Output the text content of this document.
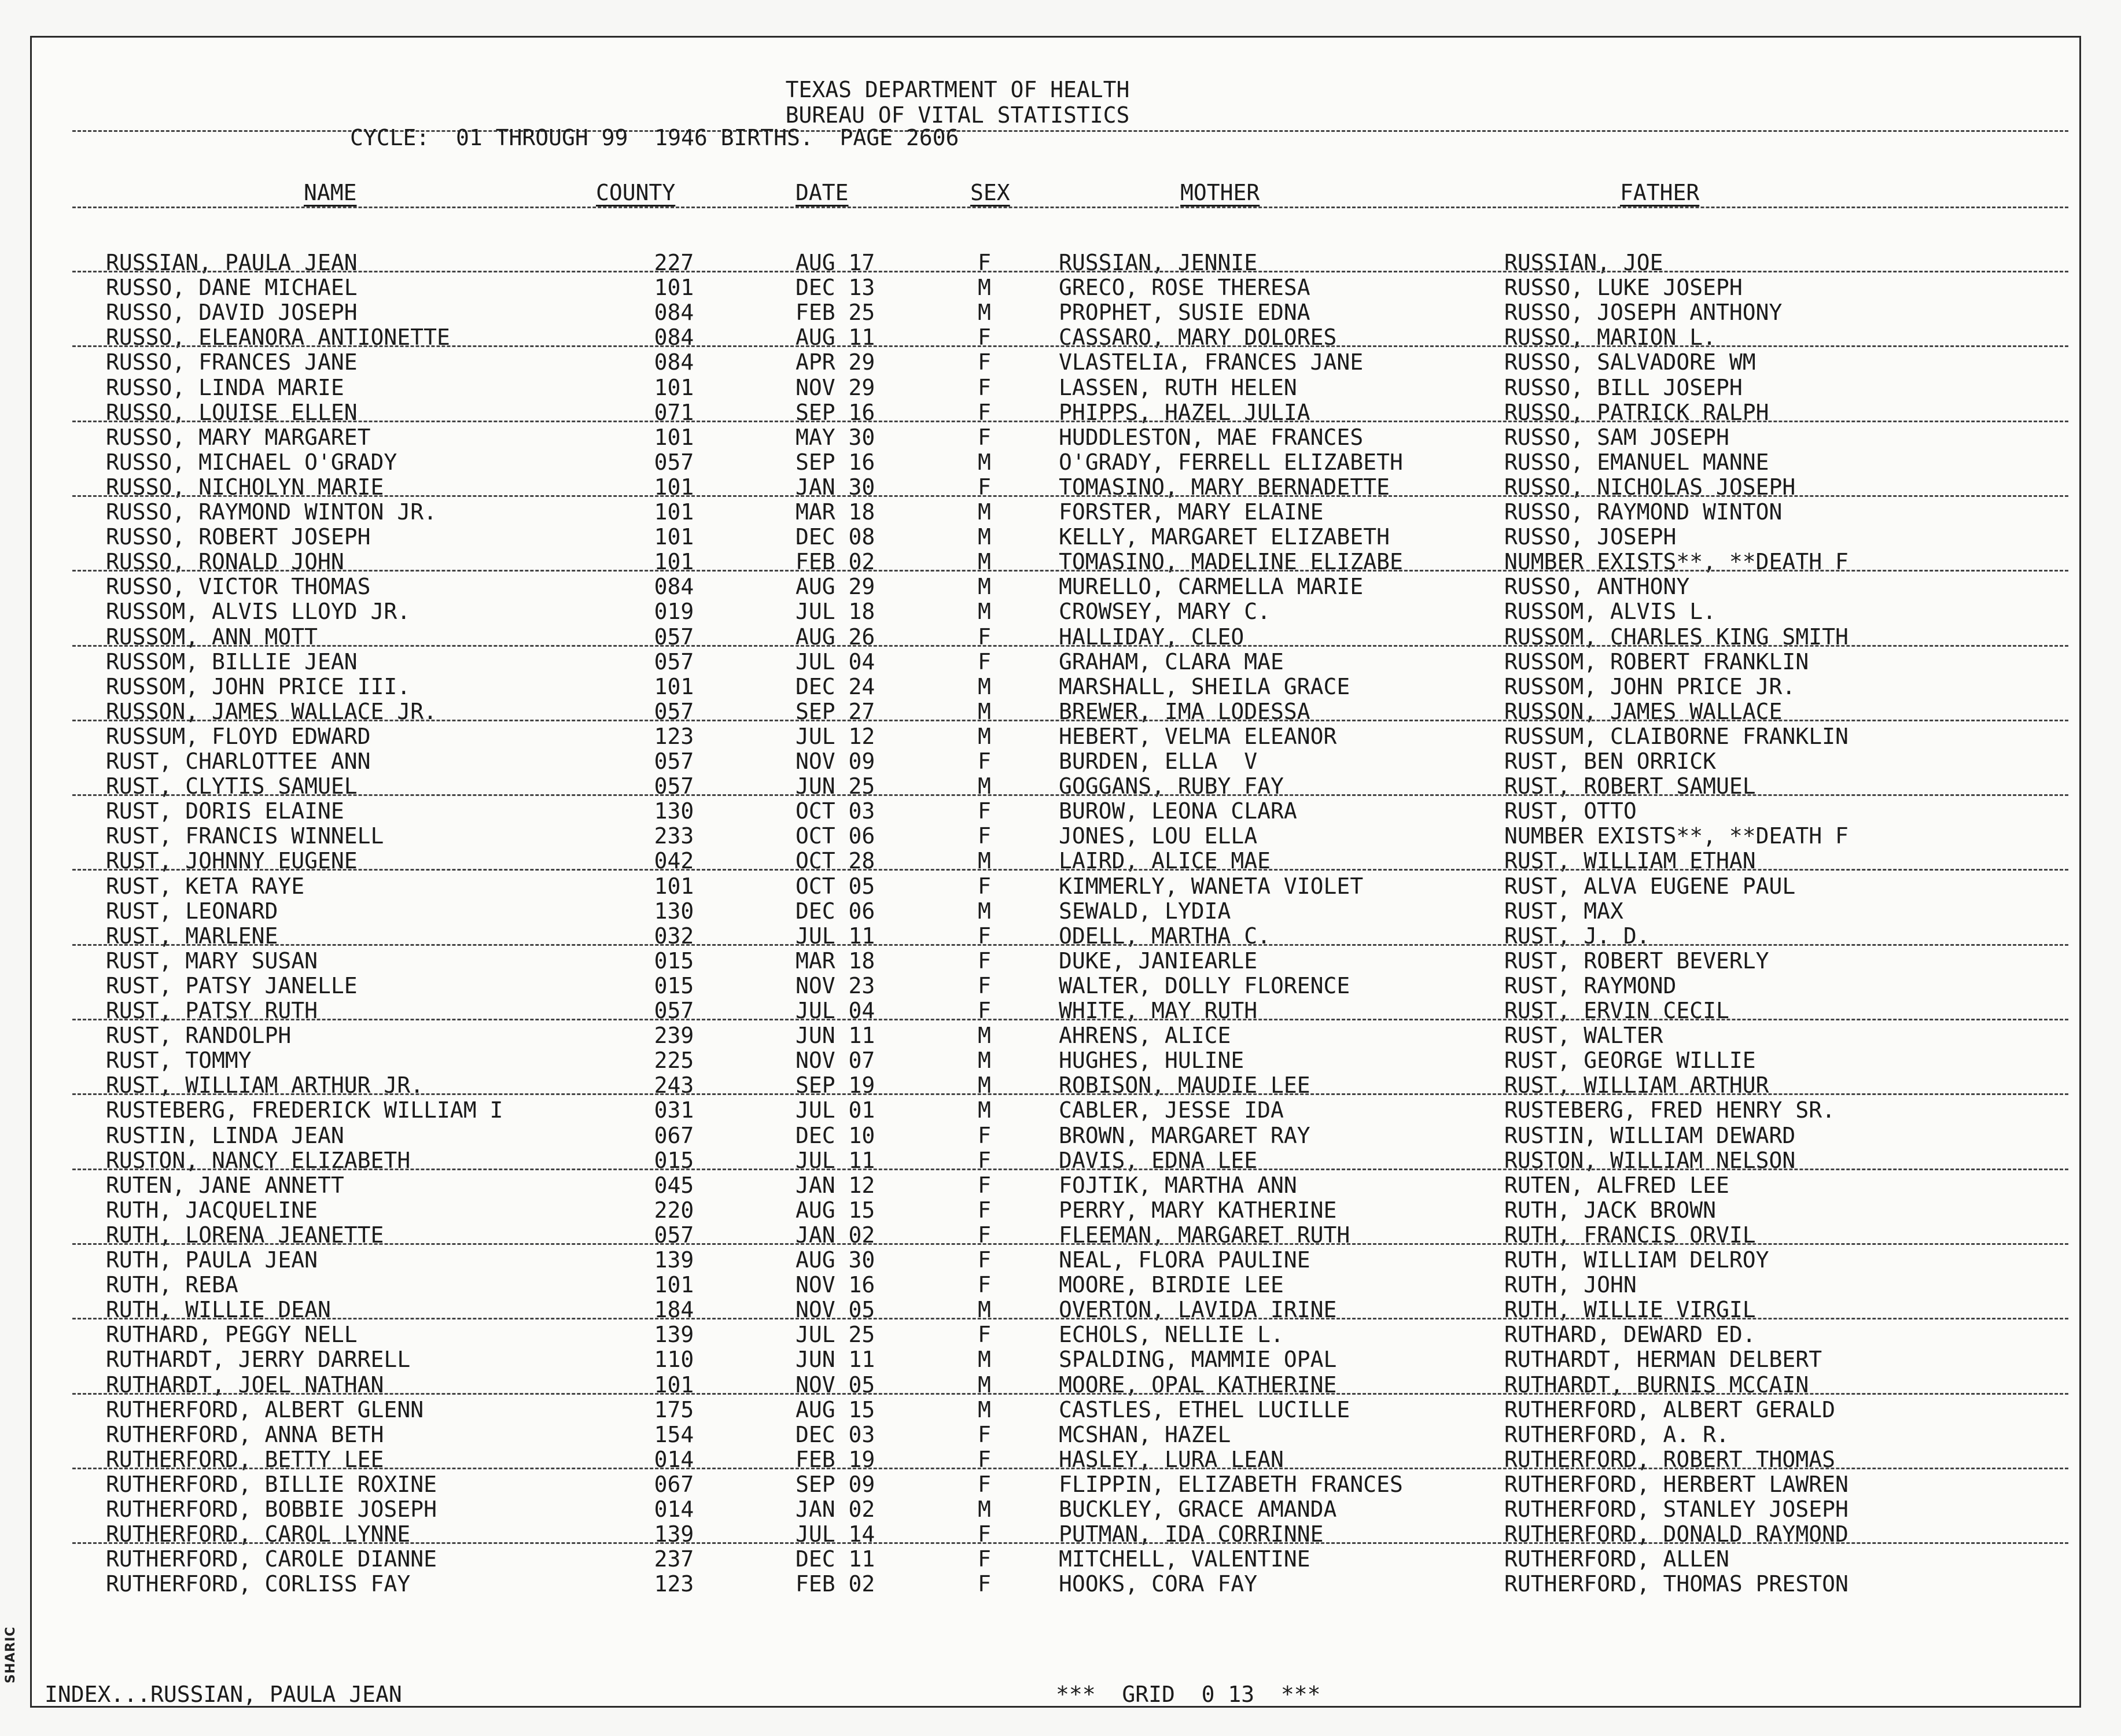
SHARIC
TEXAS DEPARTMENT OF HEALTH
BUREAU OF VITAL STATISTICS
CYCLE:  01 THROUGH 99  1946 BIRTHS.  PAGE 2606
NAME	COUNTY	DATE	SEX	MOTHER	FATHER
RUSSIAN, PAULA JEAN	227	AUG 17	F	RUSSIAN, JENNIE	RUSSIAN, JOE
RUSSO, DANE MICHAEL	101	DEC 13	M	GRECO, ROSE THERESA	RUSSO, LUKE JOSEPH
RUSSO, DAVID JOSEPH	084	FEB 25	M	PROPHET, SUSIE EDNA	RUSSO, JOSEPH ANTHONY
RUSSO, ELEANORA ANTIONETTE	084	AUG 11	F	CASSARO, MARY DOLORES	RUSSO, MARION L.
RUSSO, FRANCES JANE	084	APR 29	F	VLASTELIA, FRANCES JANE	RUSSO, SALVADORE WM
RUSSO, LINDA MARIE	101	NOV 29	F	LASSEN, RUTH HELEN	RUSSO, BILL JOSEPH
RUSSO, LOUISE ELLEN	071	SEP 16	F	PHIPPS, HAZEL JULIA	RUSSO, PATRICK RALPH
RUSSO, MARY MARGARET	101	MAY 30	F	HUDDLESTON, MAE FRANCES	RUSSO, SAM JOSEPH
RUSSO, MICHAEL O'GRADY	057	SEP 16	M	O'GRADY, FERRELL ELIZABETH	RUSSO, EMANUEL MANNE
RUSSO, NICHOLYN MARIE	101	JAN 30	F	TOMASINO, MARY BERNADETTE	RUSSO, NICHOLAS JOSEPH
RUSSO, RAYMOND WINTON JR.	101	MAR 18	M	FORSTER, MARY ELAINE	RUSSO, RAYMOND WINTON
RUSSO, ROBERT JOSEPH	101	DEC 08	M	KELLY, MARGARET ELIZABETH	RUSSO, JOSEPH
RUSSO, RONALD JOHN	101	FEB 02	M	TOMASINO, MADELINE ELIZABE	NUMBER EXISTS**, **DEATH F
RUSSO, VICTOR THOMAS	084	AUG 29	M	MURELLO, CARMELLA MARIE	RUSSO, ANTHONY
RUSSOM, ALVIS LLOYD JR.	019	JUL 18	M	CROWSEY, MARY C.	RUSSOM, ALVIS L.
RUSSOM, ANN MOTT	057	AUG 26	F	HALLIDAY, CLEO	RUSSOM, CHARLES KING SMITH
RUSSOM, BILLIE JEAN	057	JUL 04	F	GRAHAM, CLARA MAE	RUSSOM, ROBERT FRANKLIN
RUSSOM, JOHN PRICE III.	101	DEC 24	M	MARSHALL, SHEILA GRACE	RUSSOM, JOHN PRICE JR.
RUSSON, JAMES WALLACE JR.	057	SEP 27	M	BREWER, IMA LODESSA	RUSSON, JAMES WALLACE
RUSSUM, FLOYD EDWARD	123	JUL 12	M	HEBERT, VELMA ELEANOR	RUSSUM, CLAIBORNE FRANKLIN
RUST, CHARLOTTEE ANN	057	NOV 09	F	BURDEN, ELLA  V	RUST, BEN ORRICK
RUST, CLYTIS SAMUEL	057	JUN 25	M	GOGGANS, RUBY FAY	RUST, ROBERT SAMUEL
RUST, DORIS ELAINE	130	OCT 03	F	BUROW, LEONA CLARA	RUST, OTTO
RUST, FRANCIS WINNELL	233	OCT 06	F	JONES, LOU ELLA	NUMBER EXISTS**, **DEATH F
RUST, JOHNNY EUGENE	042	OCT 28	M	LAIRD, ALICE MAE	RUST, WILLIAM ETHAN
RUST, KETA RAYE	101	OCT 05	F	KIMMERLY, WANETA VIOLET	RUST, ALVA EUGENE PAUL
RUST, LEONARD	130	DEC 06	M	SEWALD, LYDIA	RUST, MAX
RUST, MARLENE	032	JUL 11	F	ODELL, MARTHA C.	RUST, J. D.
RUST, MARY SUSAN	015	MAR 18	F	DUKE, JANIEARLE	RUST, ROBERT BEVERLY
RUST, PATSY JANELLE	015	NOV 23	F	WALTER, DOLLY FLORENCE	RUST, RAYMOND
RUST, PATSY RUTH	057	JUL 04	F	WHITE, MAY RUTH	RUST, ERVIN CECIL
RUST, RANDOLPH	239	JUN 11	M	AHRENS, ALICE	RUST, WALTER
RUST, TOMMY	225	NOV 07	M	HUGHES, HULINE	RUST, GEORGE WILLIE
RUST, WILLIAM ARTHUR JR.	243	SEP 19	M	ROBISON, MAUDIE LEE	RUST, WILLIAM ARTHUR
RUSTEBERG, FREDERICK WILLIAM I	031	JUL 01	M	CABLER, JESSE IDA	RUSTEBERG, FRED HENRY SR.
RUSTIN, LINDA JEAN	067	DEC 10	F	BROWN, MARGARET RAY	RUSTIN, WILLIAM DEWARD
RUSTON, NANCY ELIZABETH	015	JUL 11	F	DAVIS, EDNA LEE	RUSTON, WILLIAM NELSON
RUTEN, JANE ANNETT	045	JAN 12	F	FOJTIK, MARTHA ANN	RUTEN, ALFRED LEE
RUTH, JACQUELINE	220	AUG 15	F	PERRY, MARY KATHERINE	RUTH, JACK BROWN
RUTH, LORENA JEANETTE	057	JAN 02	F	FLEEMAN, MARGARET RUTH	RUTH, FRANCIS ORVIL
RUTH, PAULA JEAN	139	AUG 30	F	NEAL, FLORA PAULINE	RUTH, WILLIAM DELROY
RUTH, REBA	101	NOV 16	F	MOORE, BIRDIE LEE	RUTH, JOHN
RUTH, WILLIE DEAN	184	NOV 05	M	OVERTON, LAVIDA IRINE	RUTH, WILLIE VIRGIL
RUTHARD, PEGGY NELL	139	JUL 25	F	ECHOLS, NELLIE L.	RUTHARD, DEWARD ED.
RUTHARDT, JERRY DARRELL	110	JUN 11	M	SPALDING, MAMMIE OPAL	RUTHARDT, HERMAN DELBERT
RUTHARDT, JOEL NATHAN	101	NOV 05	M	MOORE, OPAL KATHERINE	RUTHARDT, BURNIS MCCAIN
RUTHERFORD, ALBERT GLENN	175	AUG 15	M	CASTLES, ETHEL LUCILLE	RUTHERFORD, ALBERT GERALD
RUTHERFORD, ANNA BETH	154	DEC 03	F	MCSHAN, HAZEL	RUTHERFORD, A. R.
RUTHERFORD, BETTY LEE	014	FEB 19	F	HASLEY, LURA LEAN	RUTHERFORD, ROBERT THOMAS
RUTHERFORD, BILLIE ROXINE	067	SEP 09	F	FLIPPIN, ELIZABETH FRANCES	RUTHERFORD, HERBERT LAWREN
RUTHERFORD, BOBBIE JOSEPH	014	JAN 02	M	BUCKLEY, GRACE AMANDA	RUTHERFORD, STANLEY JOSEPH
RUTHERFORD, CAROL LYNNE	139	JUL 14	F	PUTMAN, IDA CORRINNE	RUTHERFORD, DONALD RAYMOND
RUTHERFORD, CAROLE DIANNE	237	DEC 11	F	MITCHELL, VALENTINE	RUTHERFORD, ALLEN
RUTHERFORD, CORLISS FAY	123	FEB 02	F	HOOKS, CORA FAY	RUTHERFORD, THOMAS PRESTON
INDEX...RUSSIAN, PAULA JEAN	***  GRID  0 13  ***
